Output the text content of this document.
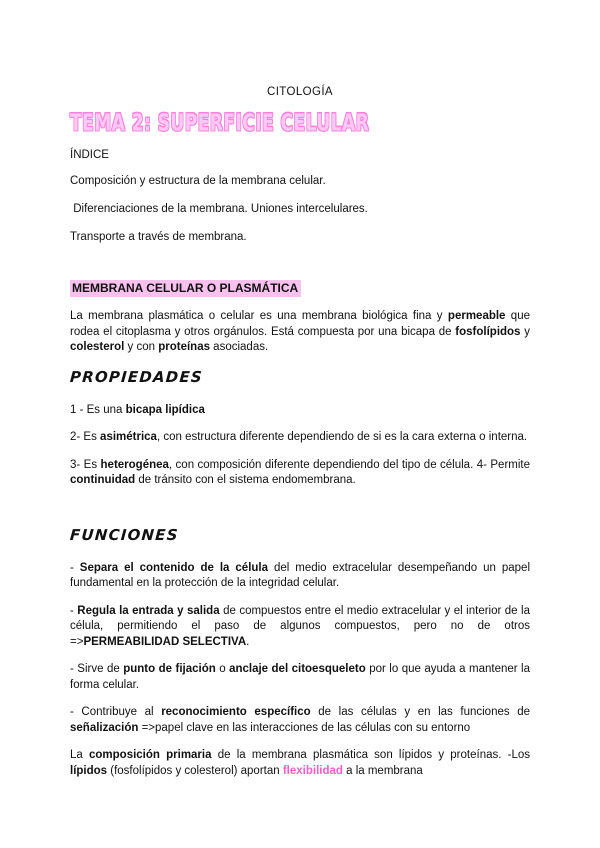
CITOLOGÍA
TEMA 2: SUPERFICIE CELULAR
ÍNDICE
Composición y estructura de la membrana celular.
Diferenciaciones de la membrana. Uniones intercelulares.
Transporte a través de membrana.
MEMBRANA CELULAR O PLASMÁTICA

La membrana plasmática o celular es una membrana biológica fina y permeable que rodea el citoplasma y otros orgánulos. Está compuesta por una bicapa de fosfolípidos y colesterol y con proteínas asociadas.

PROPIEDADES

1 - Es una bicapa lipídica

2- Es asimétrica, con estructura diferente dependiendo de si es la cara externa o interna.

3- Es heterogénea, con composición diferente dependiendo del tipo de célula. 4- Permite continuidad de tránsito con el sistema endomembrana.

FUNCIONES

- Separa el contenido de la célula del medio extracelular desempeñando un papel fundamental en la protección de la integridad celular.

- Regula la entrada y salida de compuestos entre el medio extracelular y el interior de la célula, permitiendo el paso de algunos compuestos, pero no de otros =>PERMEABILIDAD SELECTIVA.

- Sirve de punto de fijación o anclaje del citoesqueleto por lo que ayuda a mantener la forma celular.

- Contribuye al reconocimiento específico de las células y en las funciones de señalización =>papel clave en las interacciones de las células con su entorno

La composición primaria de la membrana plasmática son lípidos y proteínas. -Los lípidos (fosfolípidos y colesterol) aportan flexibilidad a la membrana
